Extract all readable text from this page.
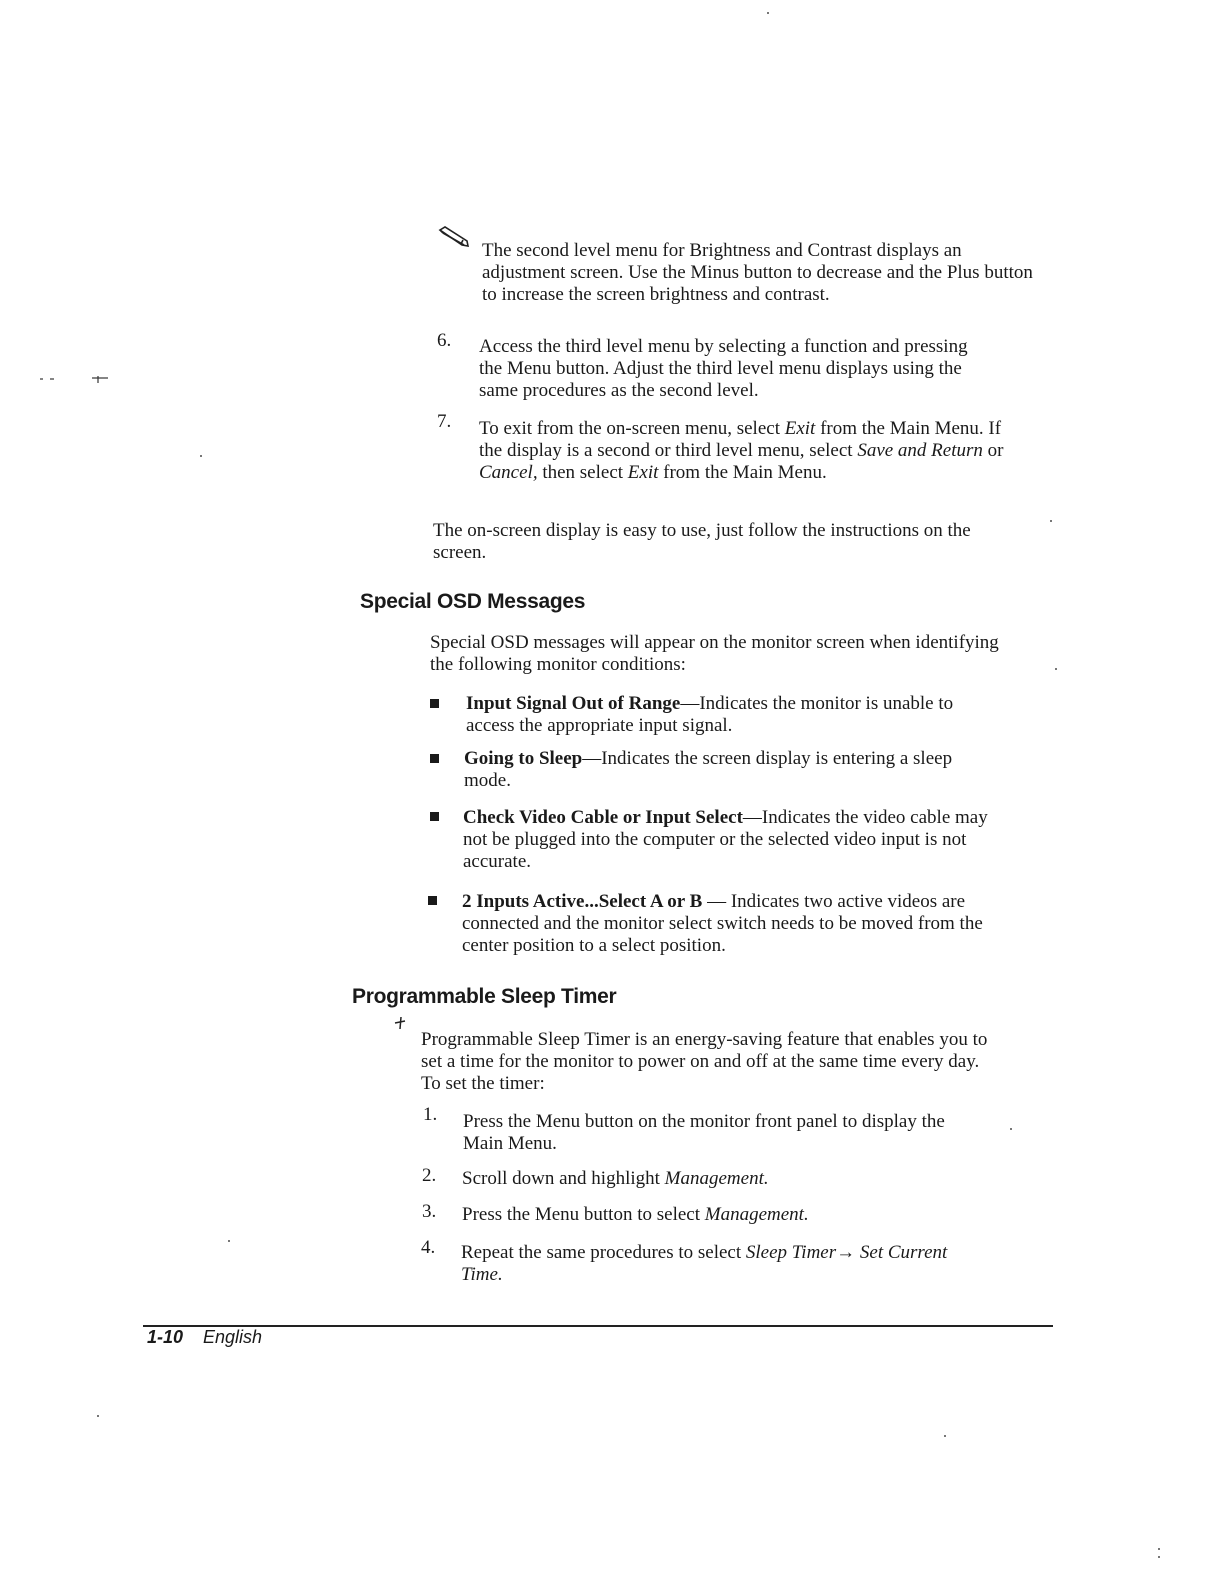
The second level menu for Brightness and Contrast displays an adjustment screen. Use the Minus button to decrease and the Plus button to increase the screen brightness and contrast.

6. Access the third level menu by selecting a function and pressing the Menu button. Adjust the third level menu displays using the same procedures as the second level.

7. To exit from the on-screen menu, select Exit from the Main Menu. If the display is a second or third level menu, select Save and Return or Cancel, then select Exit from the Main Menu.

The on-screen display is easy to use, just follow the instructions on the screen.

Special OSD Messages

Special OSD messages will appear on the monitor screen when identifying the following monitor conditions:

Input Signal Out of Range—Indicates the monitor is unable to access the appropriate input signal.

Going to Sleep—Indicates the screen display is entering a sleep mode.

Check Video Cable or Input Select—Indicates the video cable may not be plugged into the computer or the selected video input is not accurate.

2 Inputs Active...Select A or B — Indicates two active videos are connected and the monitor select switch needs to be moved from the center position to a select position.

Programmable Sleep Timer

Programmable Sleep Timer is an energy-saving feature that enables you to set a time for the monitor to power on and off at the same time every day. To set the timer:

1. Press the Menu button on the monitor front panel to display the Main Menu.

2. Scroll down and highlight Management.

3. Press the Menu button to select Management.

4. Repeat the same procedures to select Sleep Timer→ Set Current Time.

1-10 English
